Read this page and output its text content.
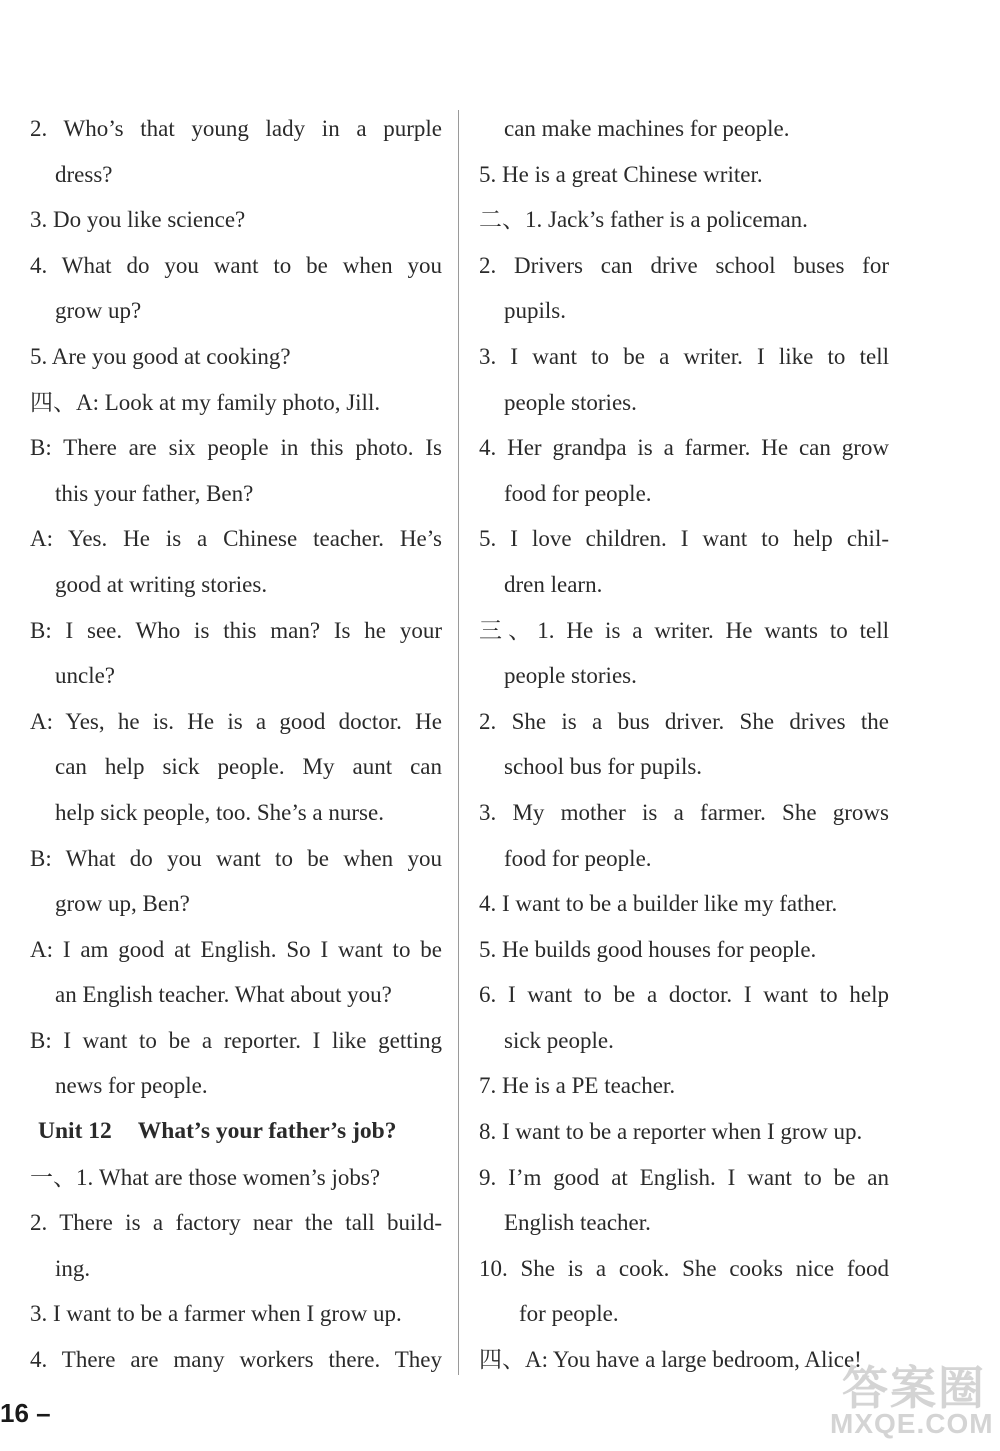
2. Who’s that young lady in a purple
dress?
3. Do you like science?
4. What do you want to be when you
grow up?
5. Are you good at cooking?
四、A: Look at my family photo, Jill.
B: There are six people in this photo. Is
this your father, Ben?
A: Yes. He is a Chinese teacher. He’s
good at writing stories.
B: I see. Who is this man? Is he your
uncle?
A: Yes, he is. He is a good doctor. He
can help sick people. My aunt can
help sick people, too. She’s a nurse.
B: What do you want to be when you
grow up, Ben?
A: I am good at English. So I want to be
an English teacher. What about you?
B: I want to be a reporter. I like getting
news for people.
Unit 12 What’s your father’s job?
一、1. What are those women’s jobs?
2. There is a factory near the tall build-
ing.
3. I want to be a farmer when I grow up.
4. There are many workers there. They
can make machines for people.
5. He is a great Chinese writer.
二、1. Jack’s father is a policeman.
2. Drivers can drive school buses for
pupils.
3. I want to be a writer. I like to tell
people stories.
4. Her grandpa is a farmer. He can grow
food for people.
5. I love children. I want to help chil-
dren learn.
三、1. He is a writer. He wants to tell
people stories.
2. She is a bus driver. She drives the
school bus for pupils.
3. My mother is a farmer. She grows
food for people.
4. I want to be a builder like my father.
5. He builds good houses for people.
6. I want to be a doctor. I want to help
sick people.
7. He is a PE teacher.
8. I want to be a reporter when I grow up.
9. I’m good at English. I want to be an
English teacher.
10. She is a cook. She cooks nice food
for people.
四、A: You have a large bedroom, Alice!
16 –	答案圈
MXQE.COM
